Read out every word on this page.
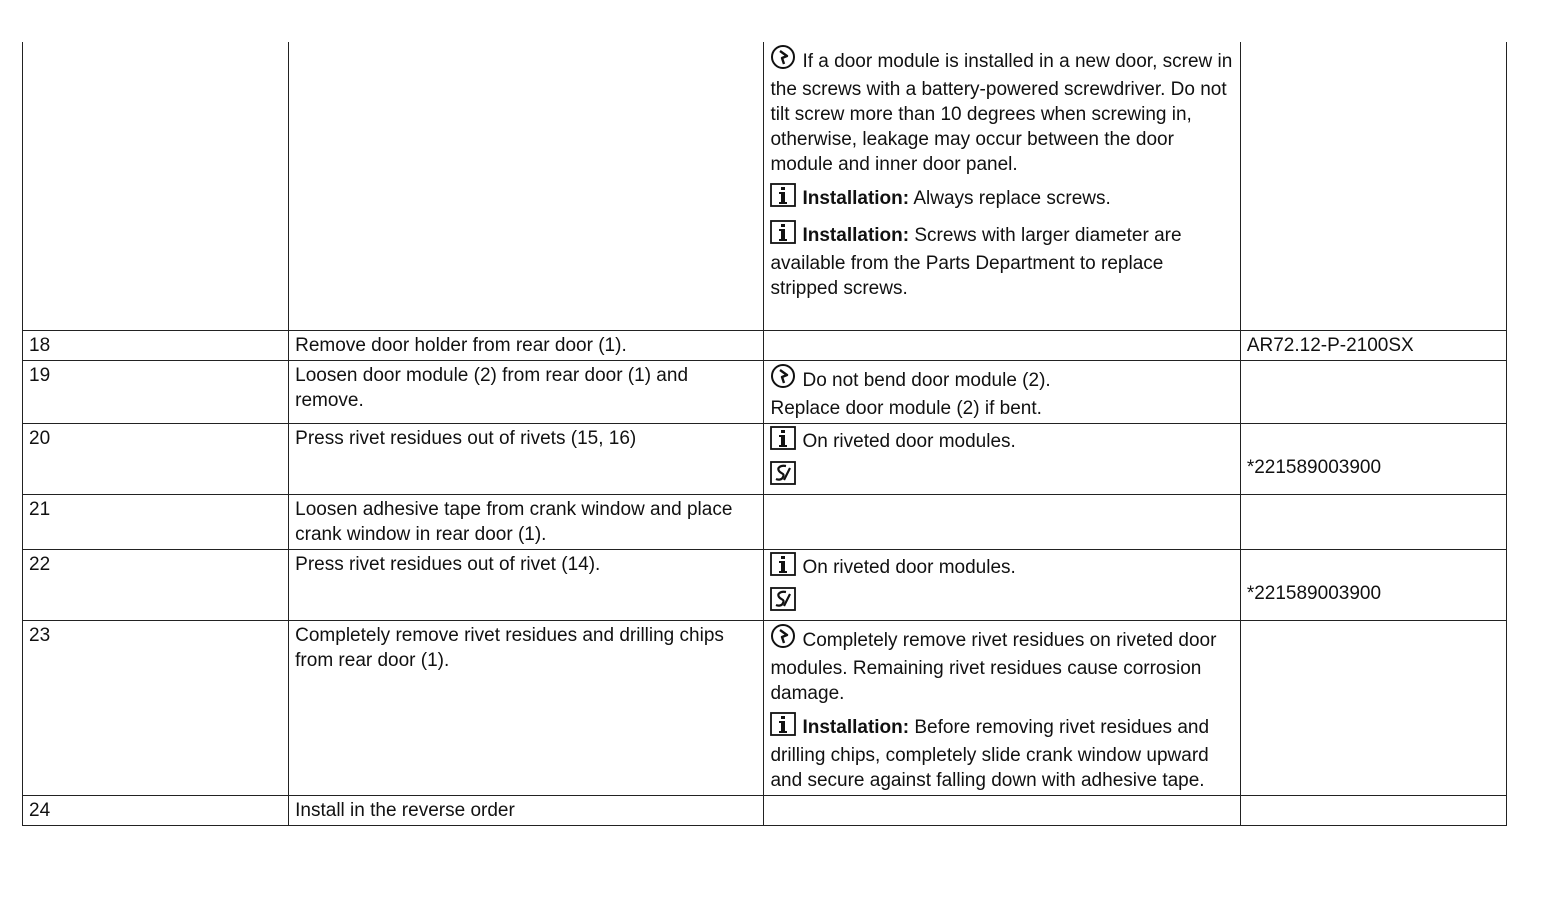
		If a door module is installed in a new door, screw in the screws with a battery-powered screwdriver. Do not tilt screw more than 10 degrees when screwing in, otherwise, leakage may occur between the door module and inner door panel.
Installation: Always replace screws.
Installation: Screws with larger diameter are available from the Parts Department to replace stripped screws.	

18	Remove door holder from rear door (1).		AR72.12-P-2100SX
19	Loosen door module (2) from rear door (1) and remove.	Do not bend door module (2).
Replace door module (2) if bent.	

20	Press rivet residues out of rivets (15, 16)	On riveted door modules.	*221589003900

21	Loosen adhesive tape from crank window and place crank window in rear door (1).		
22	Press rivet residues out of rivet (14).	On riveted door modules.	*221589003900

23	Completely remove rivet residues and drilling chips from rear door (1).	Completely remove rivet residues on riveted door modules. Remaining rivet residues cause corrosion damage.
Installation: Before removing rivet residues and drilling chips, completely slide crank window upward and secure against falling down with adhesive tape.	

24	Install in the reverse order		
